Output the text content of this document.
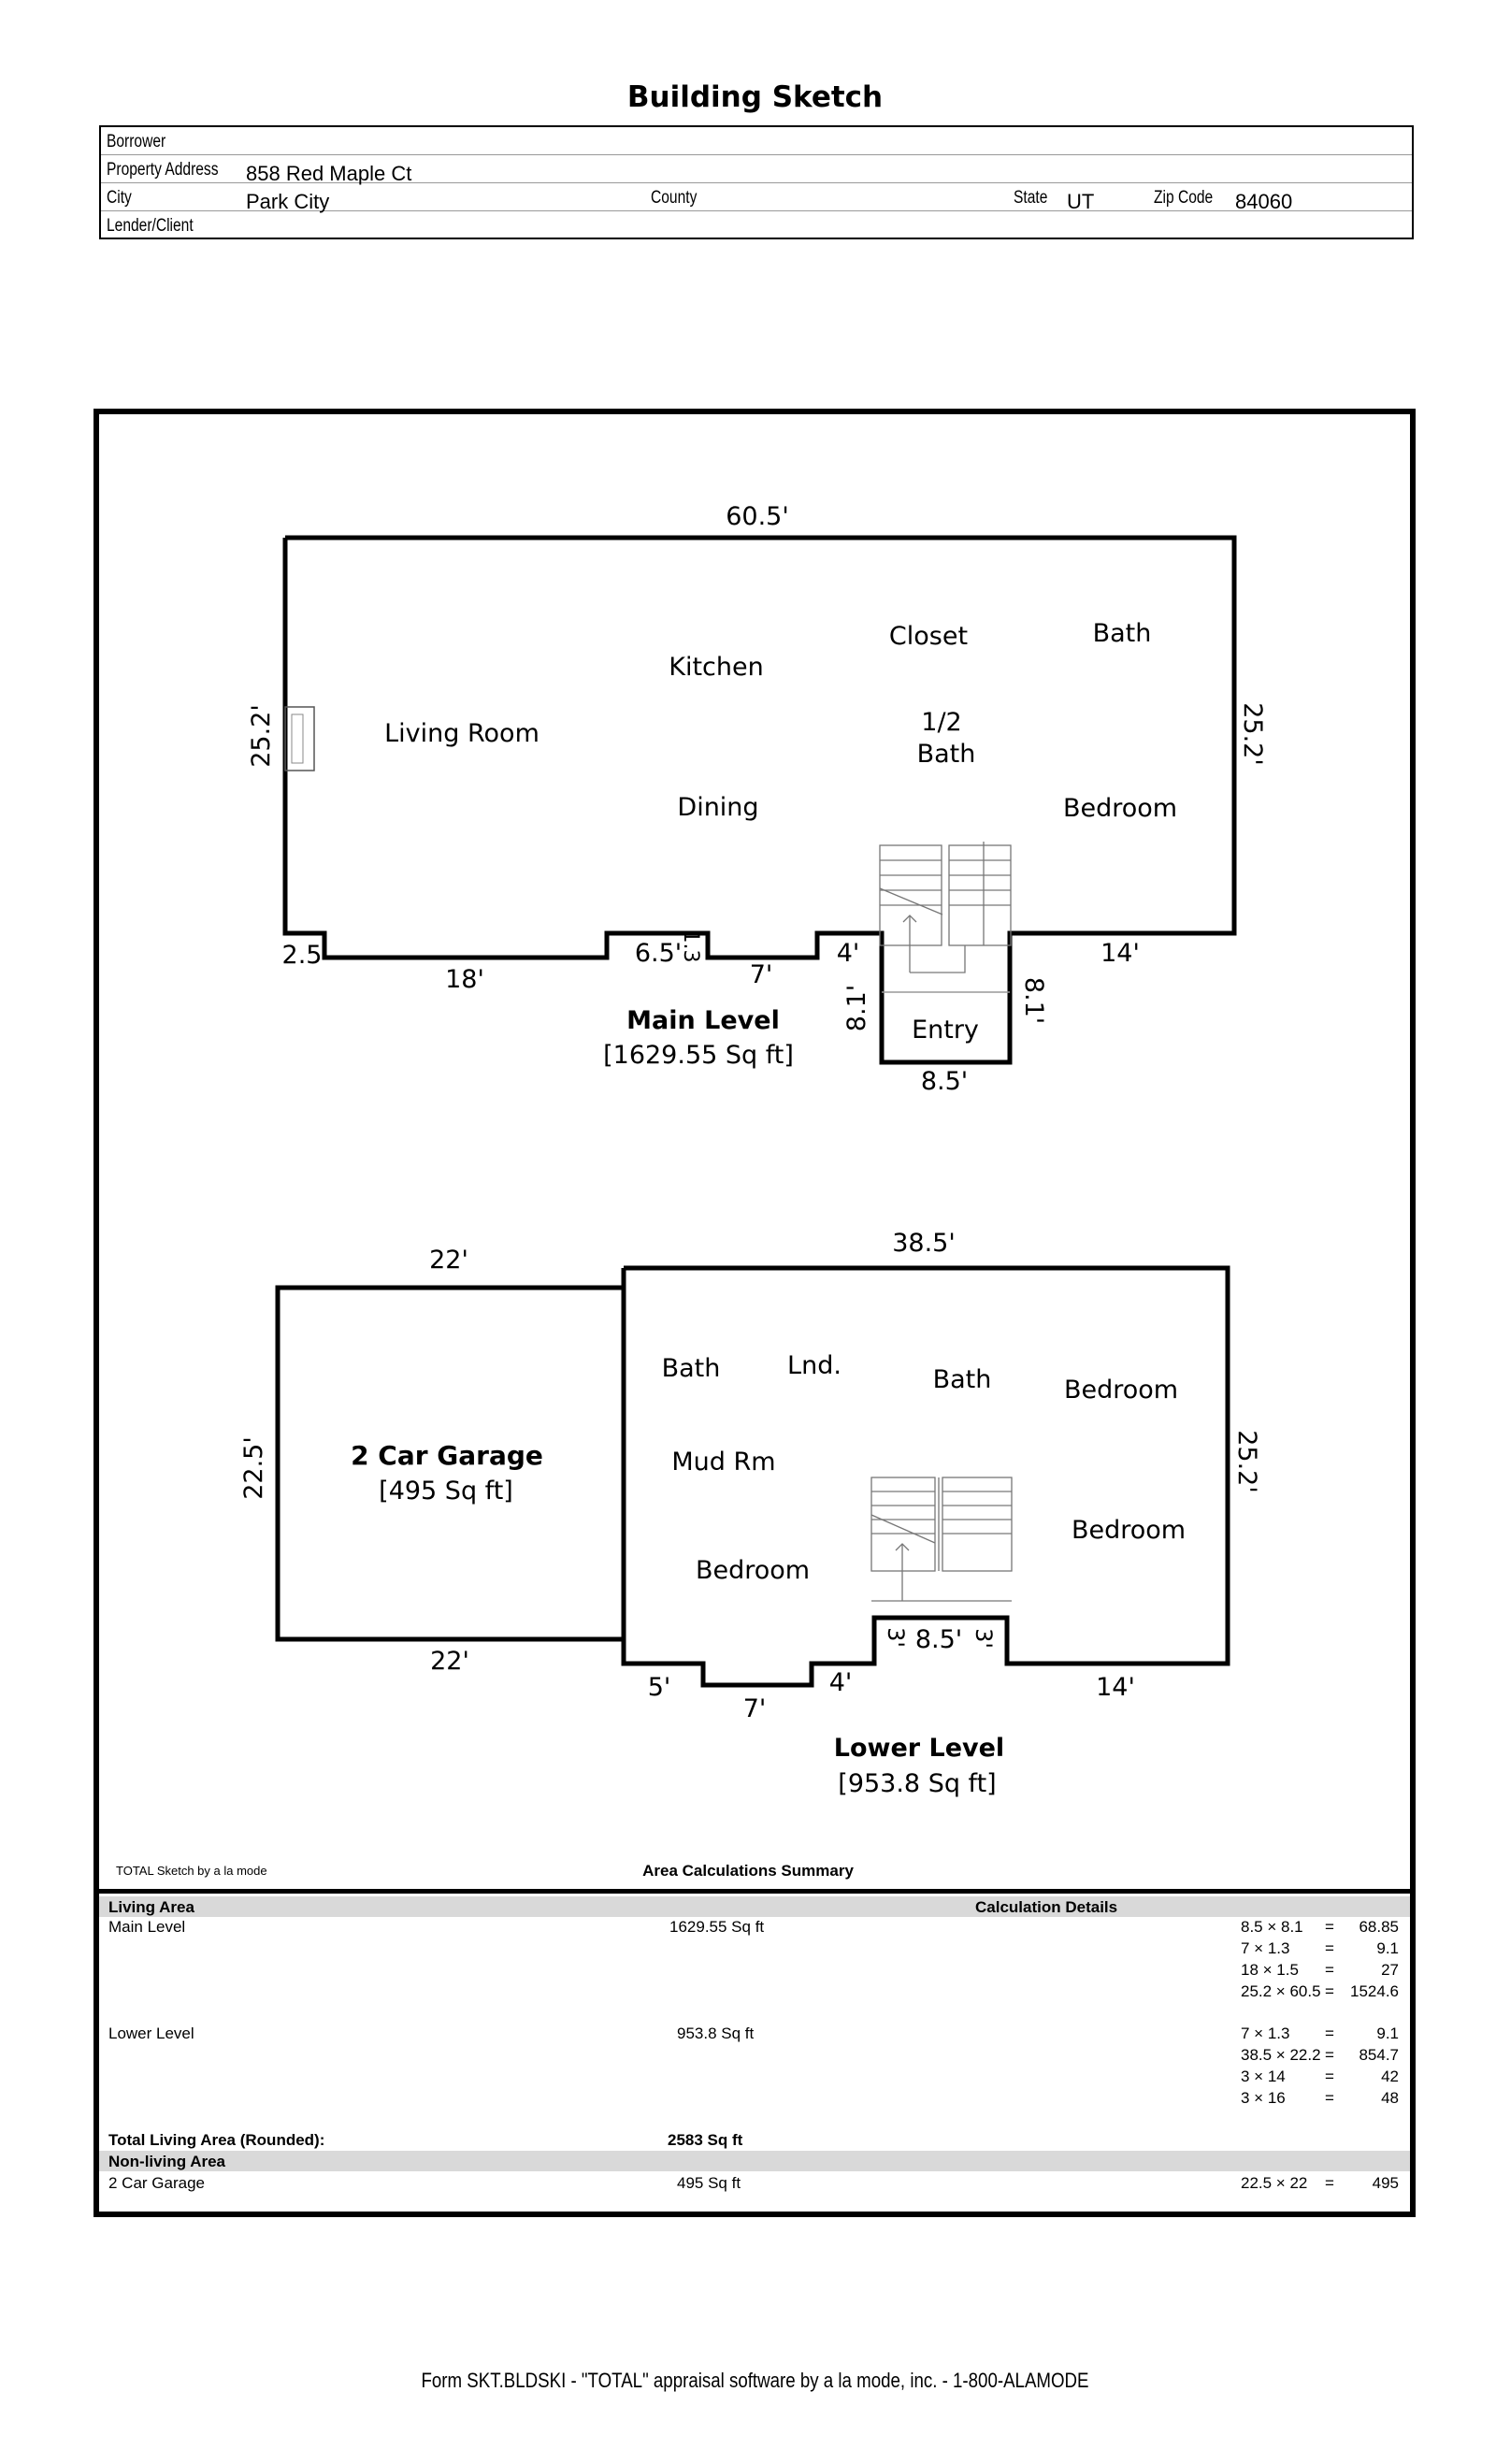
Building Sketch
Borrower
Property Address 858 Red Maple Ct
City	Park City	County	State UT	Zip Code 84060
Lender/Client
60.5'
Living Room
Kitchen
Dining
Closet
1/2
Bath
Bath
Bedroom
Entry
2.5
18'
6.5'
7'
4'	14'
8.5'
Main Level
[1629.55 Sq ft]
25.2'	25.2'
1.3
8.1'	8.1'
22'
2 Car Garage
[495 Sq ft]
22'
22.5'
38.5'
Bath	Lnd.	Bath	Bedroom
Mud Rm
Bedroom
Bedroom
8.5'
5'
7'
4'	14'
Lower Level
[953.8 Sq ft]
25.2'
3'	3'
TOTAL Sketch by a la mode	Area Calculations Summary
Living Area	Calculation Details
Main Level	1629.55 Sq ft	8.5 × 8.1 =	68.85
7 × 1.3 =	9.1
18 × 1.5 =	27
25.2 × 60.5 =	1524.6
Lower Level	953.8 Sq ft	7 × 1.3 =	9.1
38.5 × 22.2 =	854.7
3 × 14 =	42
3 × 16 =	48
Total Living Area (Rounded):	2583 Sq ft
Non-living Area
2 Car Garage	495 Sq ft	22.5 × 22 =	495
Form SKT.BLDSKI - "TOTAL" appraisal software by a la mode, inc. - 1-800-ALAMODE
